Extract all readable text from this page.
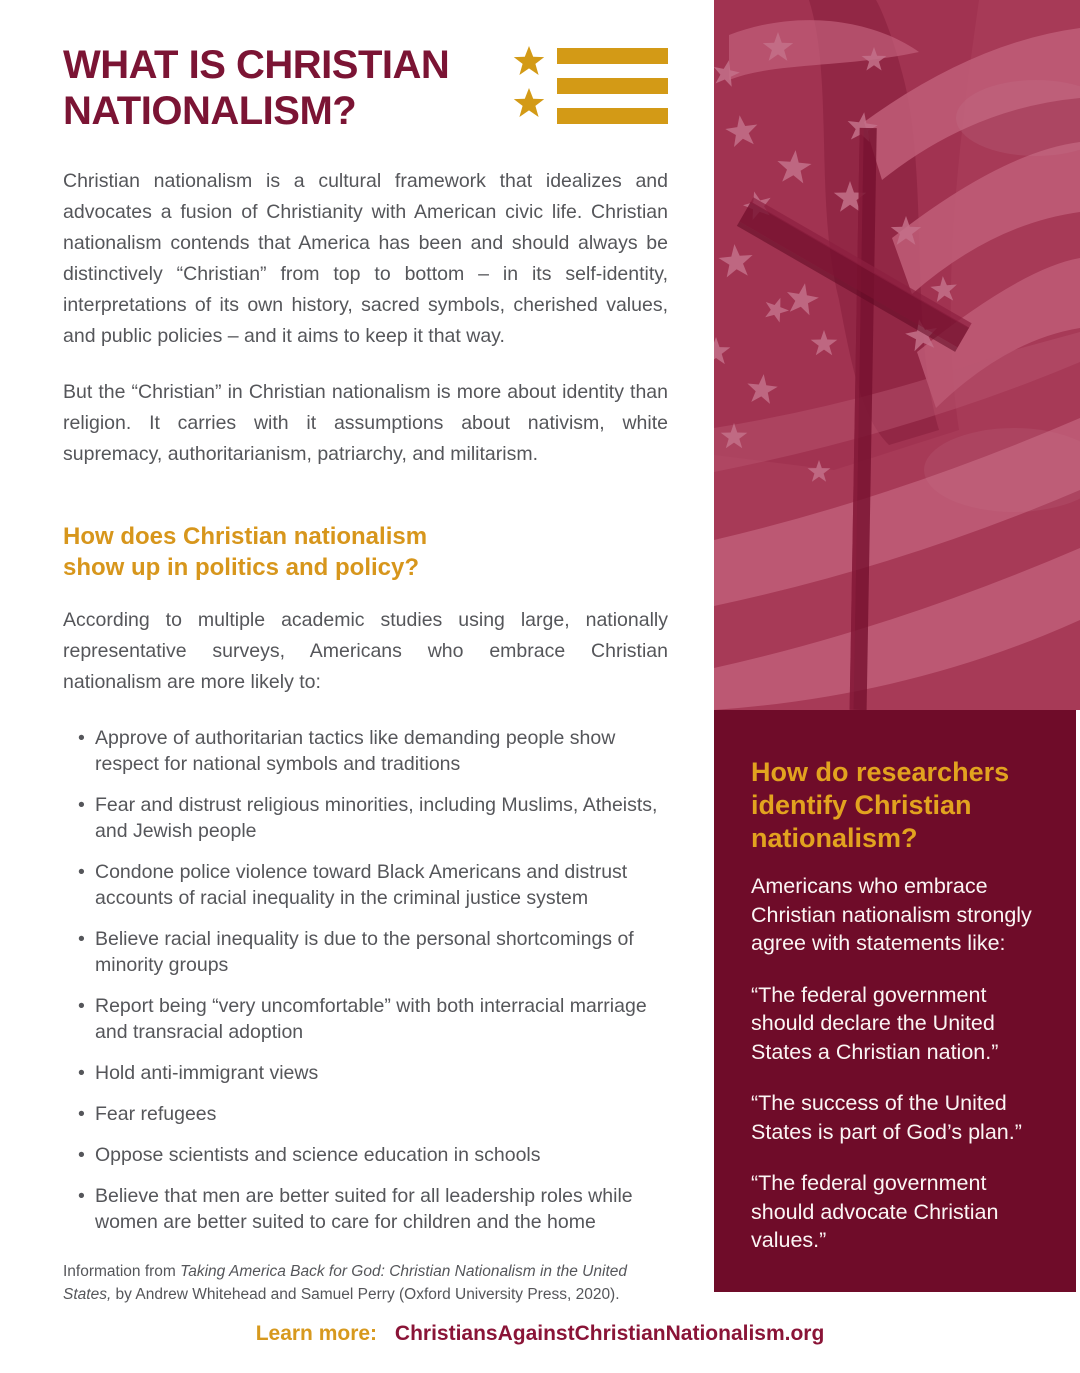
WHAT IS CHRISTIAN
NATIONALISM?

Christian nationalism is a cultural framework that idealizes and advocates a fusion of Christianity with American civic life. Christian nationalism contends that America has been and should always be distinctively “Christian” from top to bottom – in its self-identity, interpretations of its own history, sacred symbols, cherished values, and public policies – and it aims to keep it that way.

But the “Christian” in Christian nationalism is more about identity than religion. It carries with it assumptions about nativism, white supremacy, authoritarianism, patriarchy, and militarism.

How does Christian nationalism
show up in politics and policy?

According to multiple academic studies using large, nationally representative surveys, Americans who embrace Christian nationalism are more likely to:

• Approve of authoritarian tactics like demanding people show respect for national symbols and traditions
• Fear and distrust religious minorities, including Muslims, Atheists, and Jewish people
• Condone police violence toward Black Americans and distrust accounts of racial inequality in the criminal justice system
• Believe racial inequality is due to the personal shortcomings of minority groups
• Report being “very uncomfortable” with both interracial marriage and transracial adoption
• Hold anti-immigrant views
• Fear refugees
• Oppose scientists and science education in schools
• Believe that men are better suited for all leadership roles while women are better suited to care for children and the home

Information from Taking America Back for God: Christian Nationalism in the United States, by Andrew Whitehead and Samuel Perry (Oxford University Press, 2020).

How do researchers identify Christian nationalism?

Americans who embrace Christian nationalism strongly agree with statements like:

“The federal government should declare the United States a Christian nation.”

“The success of the United States is part of God’s plan.”

“The federal government should advocate Christian values.”

Learn more: ChristiansAgainstChristianNationalism.org
